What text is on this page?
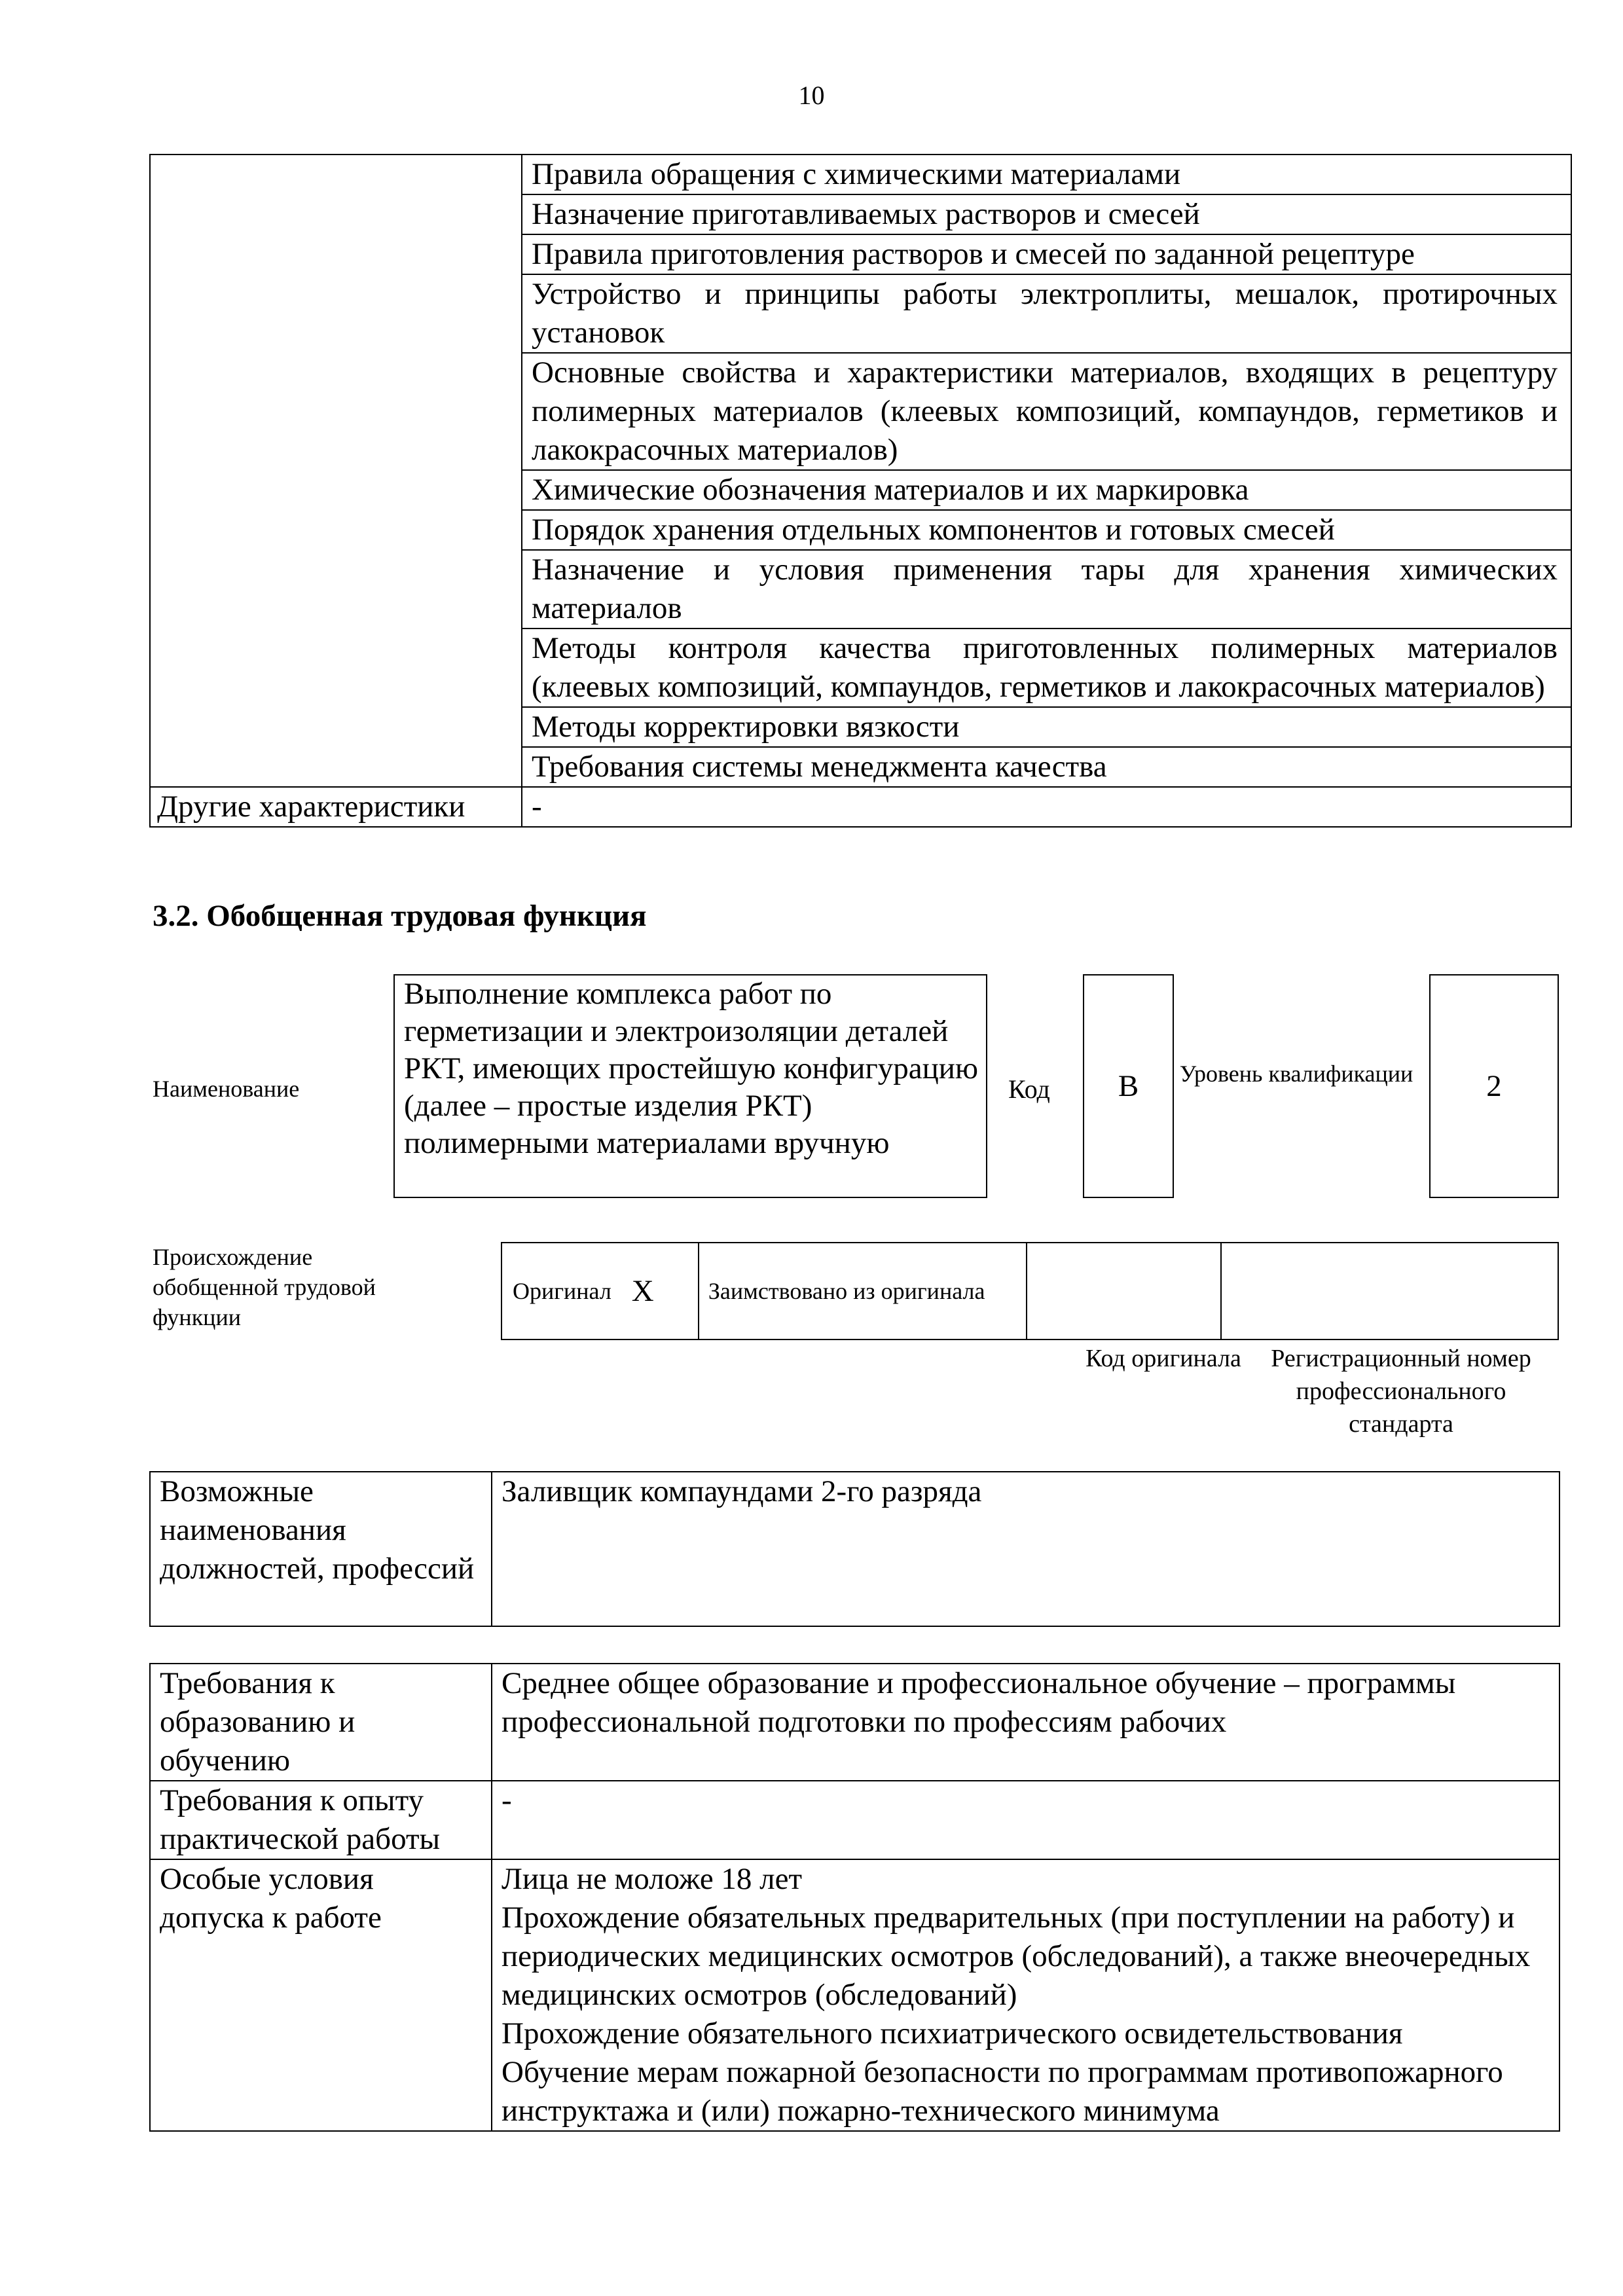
10
	Правила обращения с химическими материалами
	Назначение приготавливаемых растворов и смесей
	Правила приготовления растворов и смесей по заданной рецептуре
	Устройство и принципы работы электроплиты, мешалок, протирочных установок
	Основные свойства и характеристики материалов, входящих в рецептуру полимерных материалов (клеевых композиций, компаундов, герметиков и лакокрасочных материалов)
	Химические обозначения материалов и их маркировка
	Порядок хранения отдельных компонентов и готовых смесей
	Назначение и условия применения тары для хранения химических материалов
	Методы контроля качества приготовленных полимерных материалов (клеевых композиций, компаундов, герметиков и лакокрасочных материалов)
	Методы корректировки вязкости
	Требования системы менеджмента качества
Другие характеристики	-
3.2. Обобщенная трудовая функция
Наименование
Выполнение комплекса работ по герметизации и электроизоляции деталей РКТ, имеющих простейшую конфигурацию (далее – простые изделия РКТ) полимерными материалами вручную
Код	B	Уровень квалификации	2
Происхождение обобщенной трудовой функции
Оригинал	X	Заимствовано из оригинала		
Код оригинала	Регистрационный номер профессионального стандарта
Возможные наименования должностей, профессий	Заливщик компаундами 2-го разряда
Требования к образованию и обучению	Среднее общее образование и профессиональное обучение – программы профессиональной подготовки по профессиям рабочих
Требования к опыту практической работы	-
Особые условия допуска к работе	Лица не моложе 18 лет
Прохождение обязательных предварительных (при поступлении на работу) и периодических медицинских осмотров (обследований), а также внеочередных медицинских осмотров (обследований)
Прохождение обязательного психиатрического освидетельствования
Обучение мерам пожарной безопасности по программам противопожарного инструктажа и (или) пожарно-технического минимума
